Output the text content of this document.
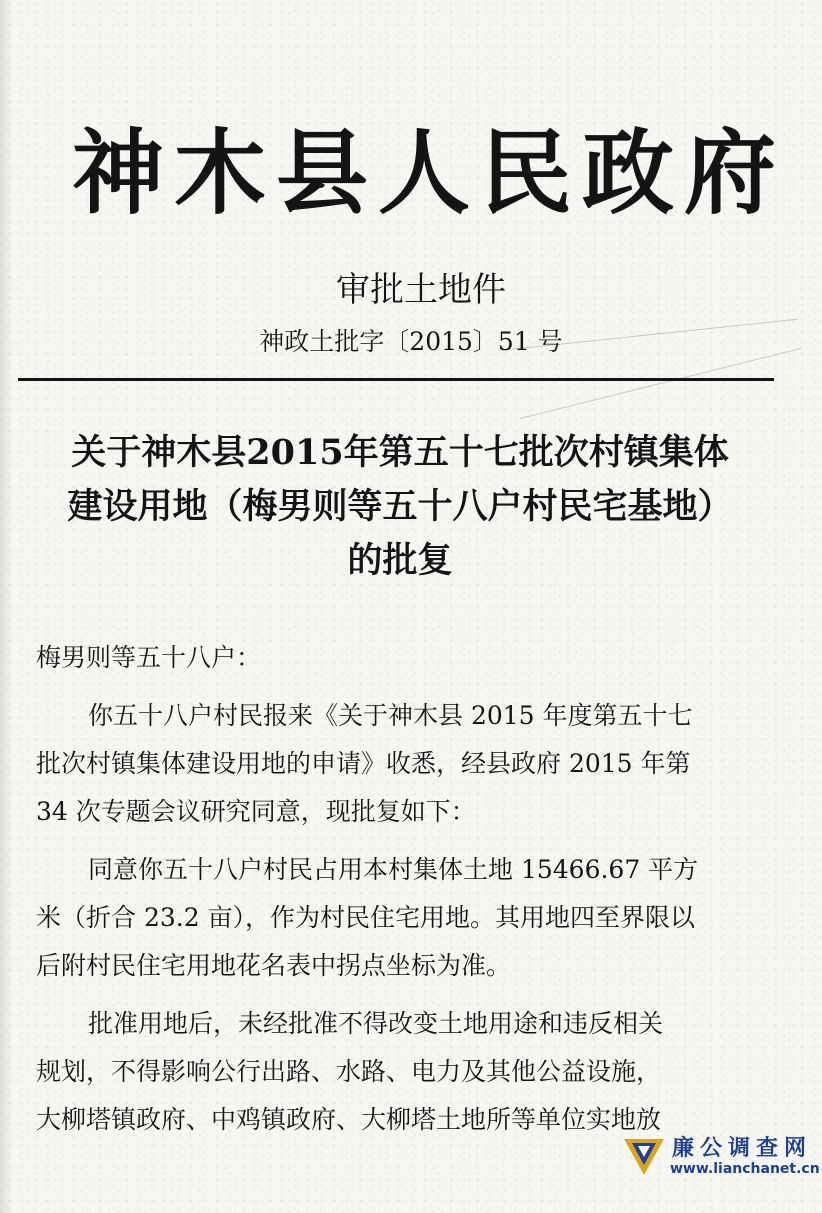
神木县人民政府
审批土地件
神政土批字〔2015〕51 号
关于神木县2015年第五十七批次村镇集体
建设用地（梅男则等五十八户村民宅基地）
的批复

梅男则等五十八户：

你五十八户村民报来《关于神木县 2015 年度第五十七

批次村镇集体建设用地的申请》收悉，经县政府 2015 年第

34 次专题会议研究同意，现批复如下：

同意你五十八户村民占用本村集体土地 15466.67 平方

米（折合 23.2 亩），作为村民住宅用地。其用地四至界限以

后附村民住宅用地花名表中拐点坐标为准。

批准用地后，未经批准不得改变土地用途和违反相关

规划，不得影响公行出路、水路、电力及其他公益设施，

大柳塔镇政府、中鸡镇政府、大柳塔土地所等单位实地放

廉公调查网
www.lianchanet.cn
